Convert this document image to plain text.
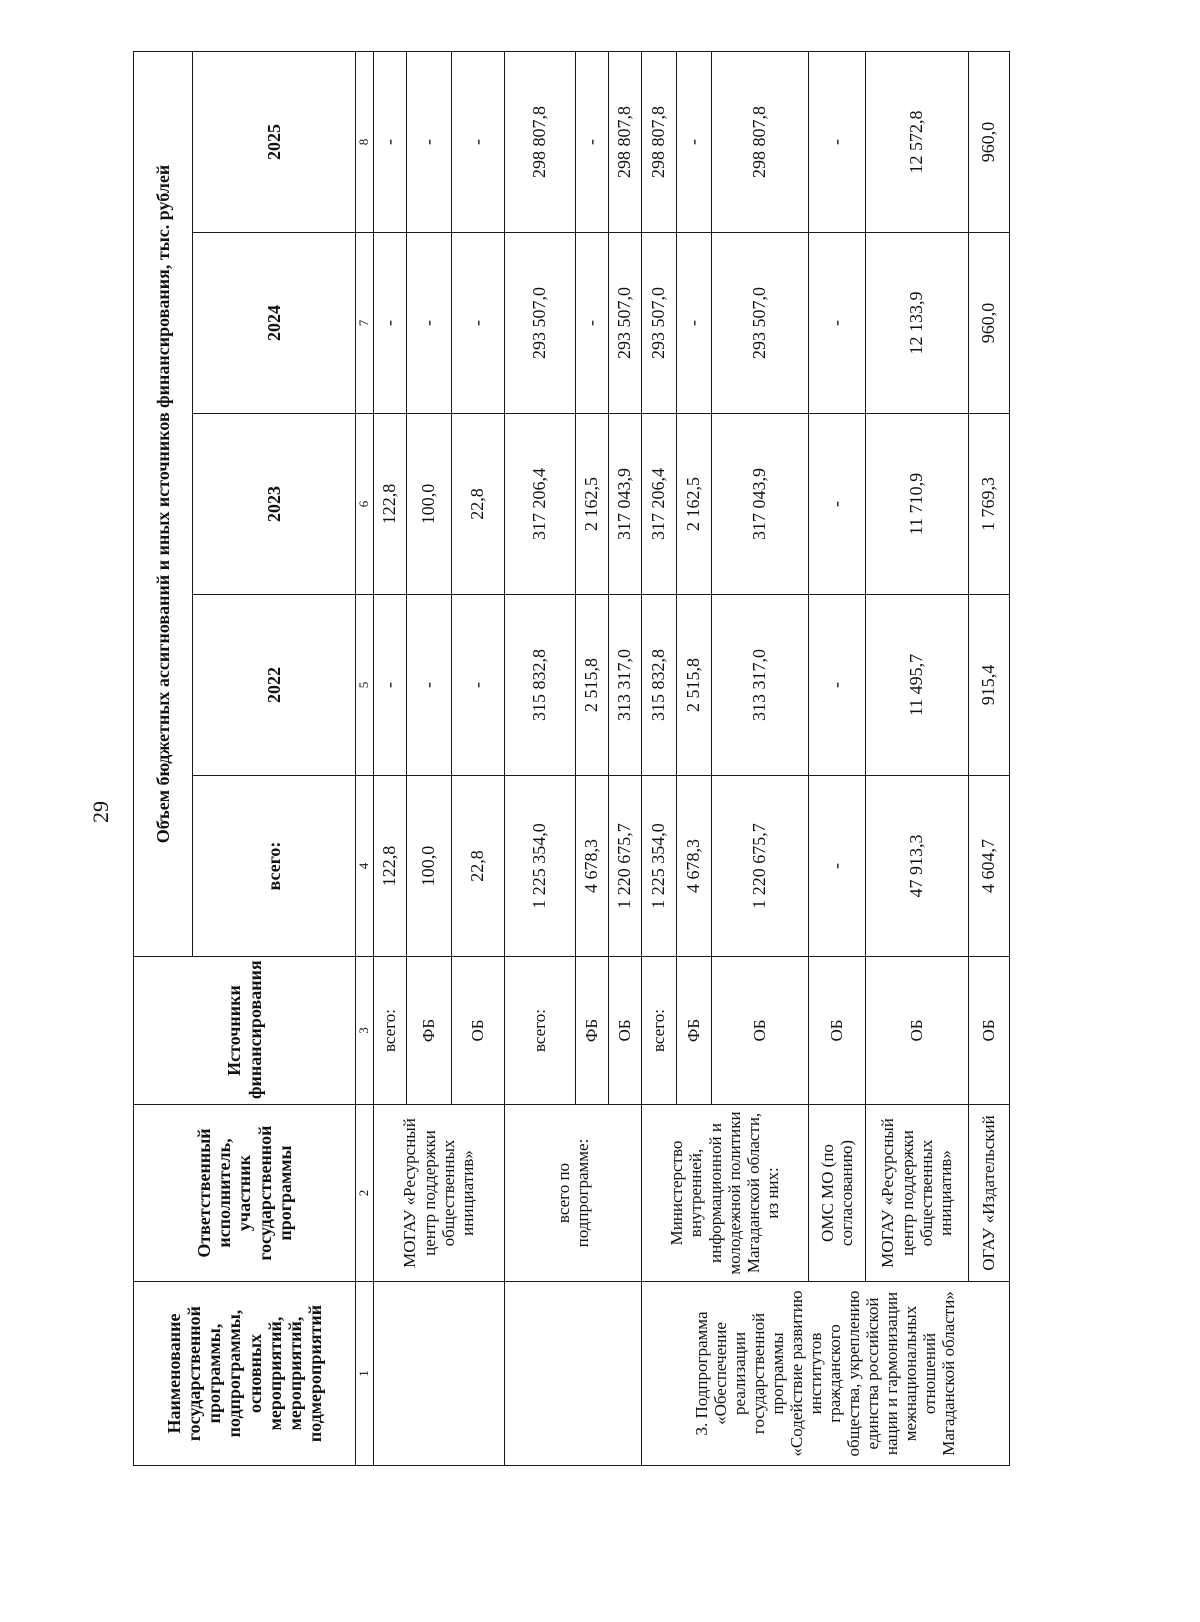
29
Наименование государственной программы, подпрограммы, основных мероприятий, мероприятий, подмероприятий	Ответственный исполнитель, участник государственной программы	Источники финансирования	Объем бюджетных ассигнований и иных источников финансирования, тыс. рублей				
			всего:	2022	2023	2024	2025
1	2	3	4	5	6	7	8
	МОГАУ «Ресурсный центр поддержки общественных инициатив»	всего:	122,8	-	122,8	-	-
		ФБ	100,0	-	100,0	-	-
		ОБ	22,8	-	22,8	-	-
	всего по подпрограмме:	всего:	1 225 354,0	315 832,8	317 206,4	293 507,0	298 807,8
		ФБ	4 678,3	2 515,8	2 162,5	-	-
		ОБ	1 220 675,7	313 317,0	317 043,9	293 507,0	298 807,8
3. Подпрограмма «Обеспечение реализации государственной программы «Содействие развитию институтов гражданского общества, укреплению единства российской нации и гармонизации межнациональных отношений Магаданской области»	Министерство внутренней, информационной и молодежной политики Магаданской области, из них:	всего:	1 225 354,0	315 832,8	317 206,4	293 507,0	298 807,8
		ФБ	4 678,3	2 515,8	2 162,5	-	-
		ОБ	1 220 675,7	313 317,0	317 043,9	293 507,0	298 807,8
	ОМС МО (по согласованию)	ОБ	-	-	-	-	-
	МОГАУ «Ресурсный центр поддержки общественных инициатив»	ОБ	47 913,3	11 495,7	11 710,9	12 133,9	12 572,8
	ОГАУ «Издательский	ОБ	4 604,7	915,4	1 769,3	960,0	960,0
